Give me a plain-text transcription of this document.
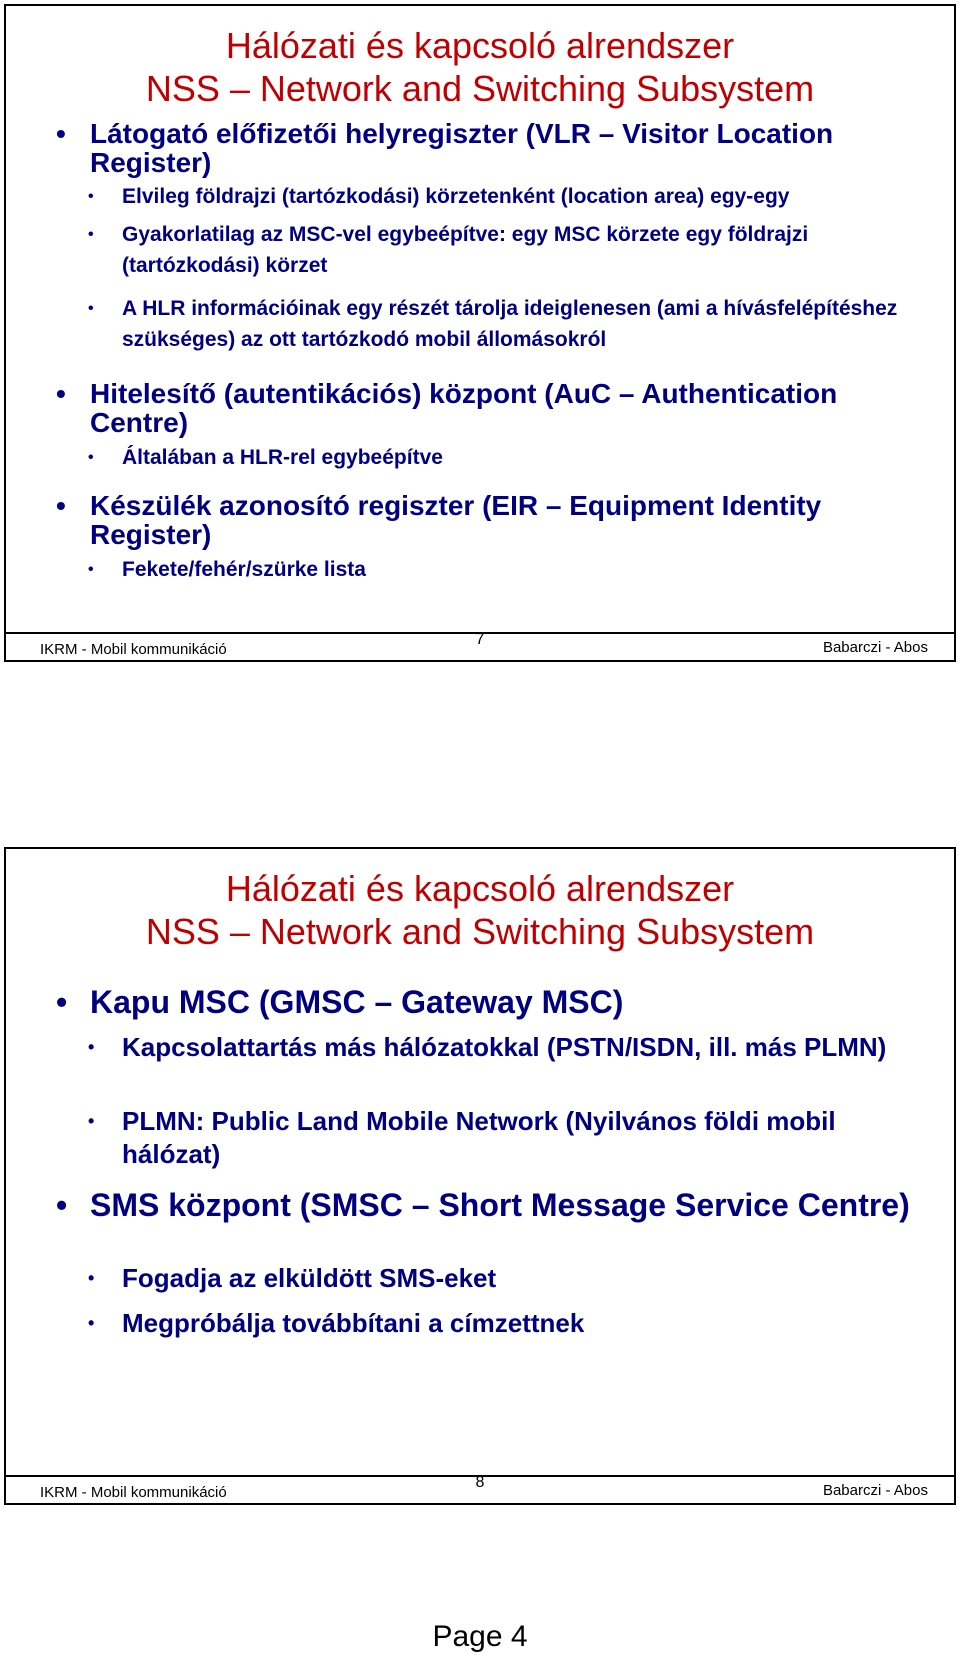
Hálózati és kapcsoló alrendszer
NSS – Network and Switching Subsystem
• Látogató előfizetői helyregiszter (VLR – Visitor Location Register)
• Elvileg földrajzi (tartózkodási) körzetenként (location area) egy-egy
• Gyakorlatilag az MSC-vel egybeépítve: egy MSC körzete egy földrajzi (tartózkodási) körzet
• A HLR információinak egy részét tárolja ideiglenesen (ami a hívásfelépítéshez szükséges) az ott tartózkodó mobil állomásokról
• Hitelesítő (autentikációs) központ (AuC – Authentication Centre)
• Általában a HLR-rel egybeépítve
• Készülék azonosító regiszter (EIR – Equipment Identity Register)
• Fekete/fehér/szürke lista
IKRM - Mobil kommunikáció
7	Babarczi - Abos
Hálózati és kapcsoló alrendszer
NSS – Network and Switching Subsystem
• Kapu MSC (GMSC – Gateway MSC)
• Kapcsolattartás más hálózatokkal (PSTN/ISDN, ill. más PLMN)
• PLMN: Public Land Mobile Network (Nyilvános földi mobil hálózat)
• SMS központ (SMSC – Short Message Service Centre)
• Fogadja az elküldött SMS-eket
• Megpróbálja továbbítani a címzettnek
IKRM - Mobil kommunikáció
8	Babarczi - Abos
Page 4
